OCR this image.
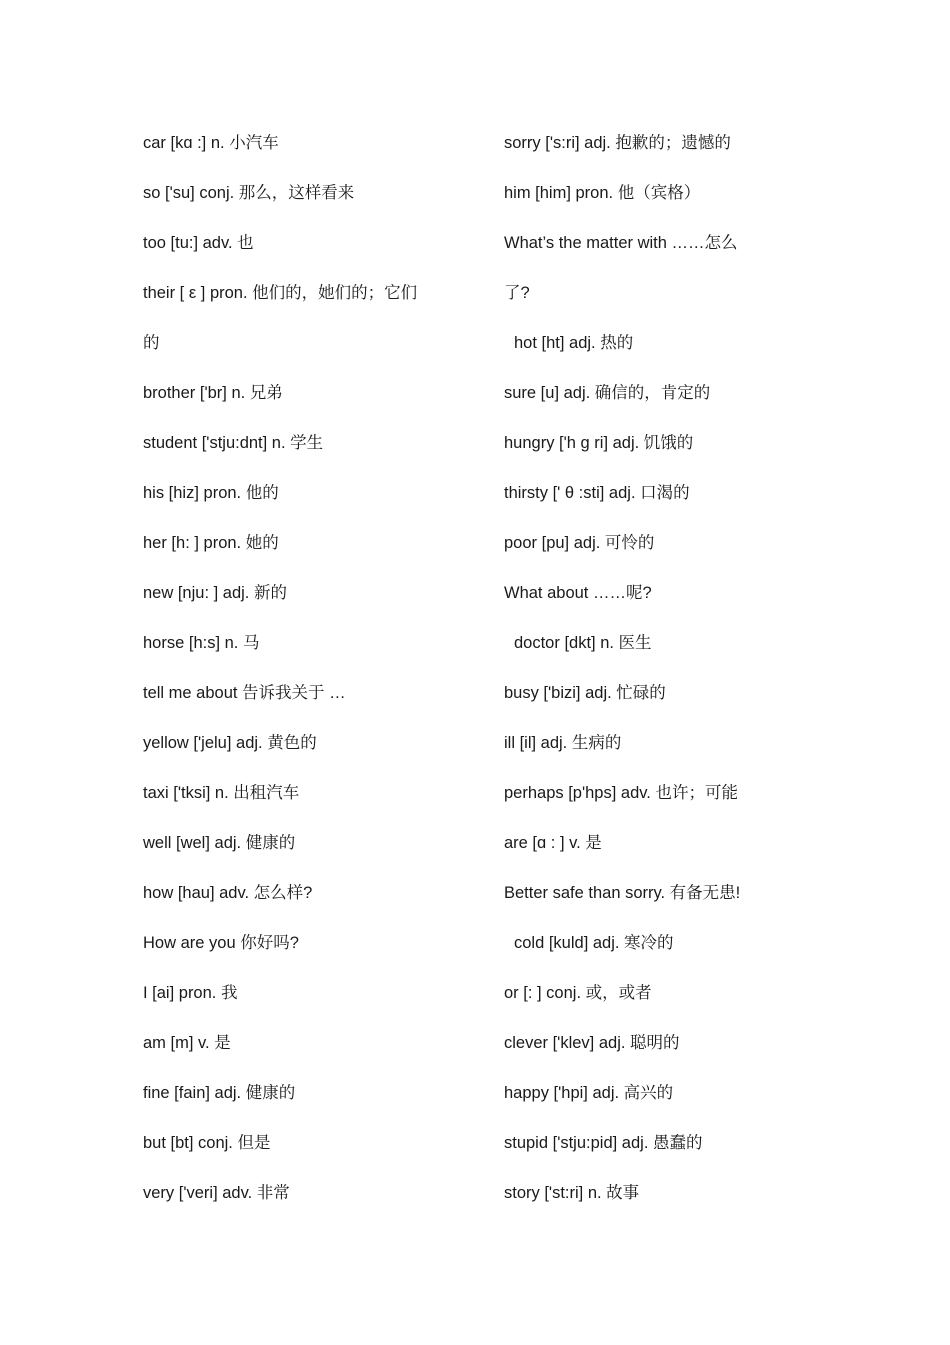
car [kɑ :] n. 小汽车

so ['su] conj. 那么，这样看来

too [tu:] adv. 也

their [ ε ] pron. 他们的，她们的；它们

的

brother ['br] n. 兄弟

student ['stju:dnt] n. 学生

his [hiz] pron. 他的

her [h: ] pron. 她的

new [nju: ] adj. 新的

horse [h:s] n. 马

tell me about 告诉我关于 …

yellow ['jelu] adj. 黄色的

taxi ['tksi] n. 出租汽车

well [wel] adj. 健康的

how [hau] adv. 怎么样?

How are you 你好吗?

I [ai] pron. 我

am [m] v. 是

fine [fain] adj. 健康的

but [bt] conj. 但是

very ['veri] adv. 非常

sorry ['s:ri] adj. 抱歉的；遗憾的

him [him] pron. 他（宾格）

What’s the matter with ……怎么

了?

hot [ht] adj. 热的

sure [u] adj. 确信的，肯定的

hungry ['h ɡ ri] adj. 饥饿的

thirsty [' θ :sti] adj. 口渴的

poor [pu] adj. 可怜的

What about ……呢?

doctor [dkt] n. 医生

busy ['bizi] adj. 忙碌的

ill [il] adj. 生病的

perhaps [p'hps] adv. 也许；可能

are [ɑ : ] v. 是

Better safe than sorry. 有备无患!

cold [kuld] adj. 寒冷的

or [: ] conj. 或，或者

clever ['klev] adj. 聪明的

happy ['hpi] adj. 高兴的

stupid ['stju:pid] adj. 愚蠢的

story ['st:ri] n. 故事
